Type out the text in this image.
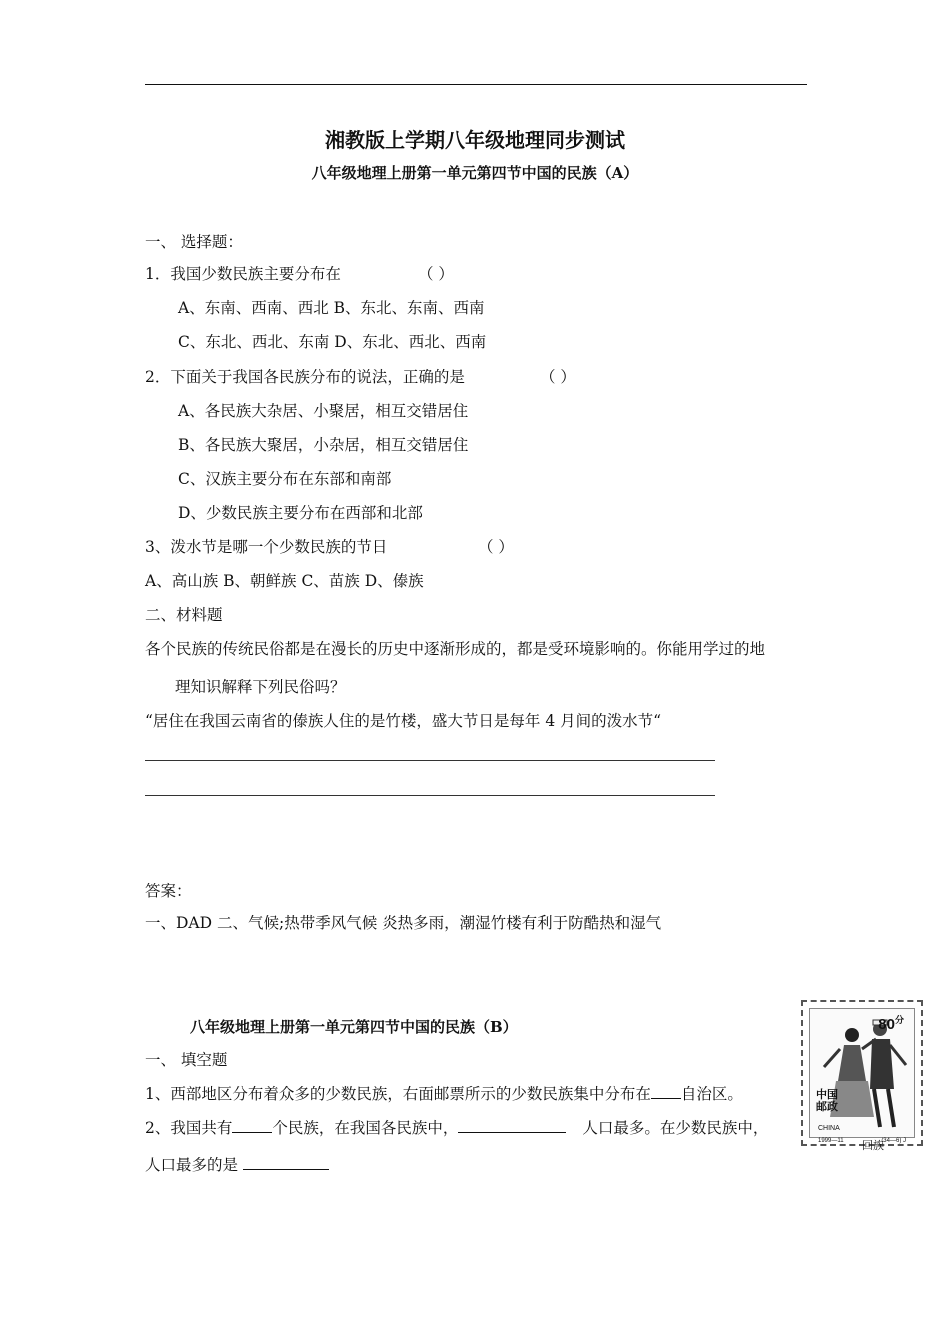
湘教版上学期八年级地理同步测试
八年级地理上册第一单元第四节中国的民族（A）
一、 选择题：
1．我国少数民族主要分布在	（ ）
A、东南、西南、西北 B、东北、东南、西南
C、东北、西北、东南 D、东北、西北、西南
2．下面关于我国各民族分布的说法，正确的是	（ ）
A、各民族大杂居、小聚居，相互交错居住
B、各民族大聚居，小杂居，相互交错居住
C、汉族主要分布在东部和南部
D、少数民族主要分布在西部和北部
3、泼水节是哪一个少数民族的节日	（ ）
A、高山族 B、朝鲜族 C、苗族 D、傣族
二、材料题
各个民族的传统民俗都是在漫长的历史中逐渐形成的，都是受环境影响的。你能用学过的地
理知识解释下列民俗吗？
“居住在我国云南省的傣族人住的是竹楼，盛大节日是每年 4 月间的泼水节“
答案：
一、DAD 二、气候;热带季风气候 炎热多雨，潮湿竹楼有利于防酷热和湿气
八年级地理上册第一单元第四节中国的民族（B）
一、 填空题
1、西部地区分布着众多的少数民族，右面邮票所示的少数民族集中分布在 自治区。
2、我国共有	个民族，在我国各民族中，	人口最多。在少数民族中，
人口最多的是
$80^分$
中国邮政
CHINA
1999—11 回族
(34—6) J
